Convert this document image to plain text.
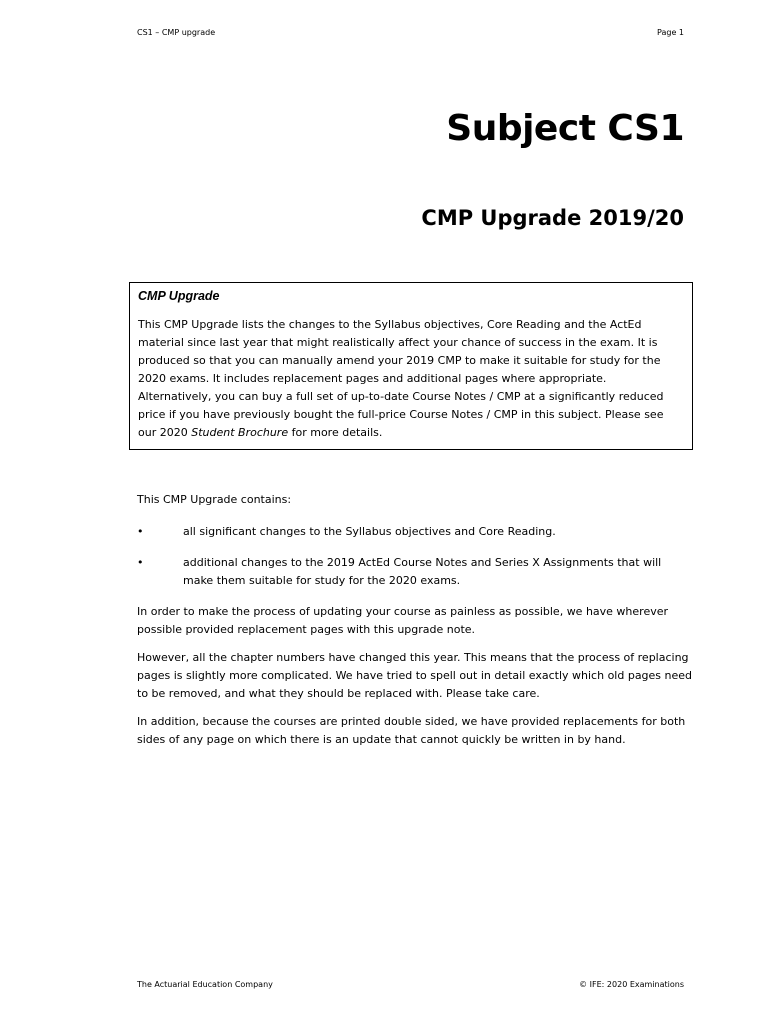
CS1 – CMP upgrade	Page 1
Subject CS1
CMP Upgrade 2019/20

CMP Upgrade

This CMP Upgrade lists the changes to the Syllabus objectives, Core Reading and the ActEd material since last year that might realistically affect your chance of success in the exam. It is produced so that you can manually amend your 2019 CMP to make it suitable for study for the 2020 exams. It includes replacement pages and additional pages where appropriate. Alternatively, you can buy a full set of up-to-date Course Notes / CMP at a significantly reduced price if you have previously bought the full-price Course Notes / CMP in this subject. Please see our 2020 Student Brochure for more details.

This CMP Upgrade contains:

•	all significant changes to the Syllabus objectives and Core Reading.
•	additional changes to the 2019 ActEd Course Notes and Series X Assignments that will make them suitable for study for the 2020 exams.

In order to make the process of updating your course as painless as possible, we have wherever possible provided replacement pages with this upgrade note.

However, all the chapter numbers have changed this year. This means that the process of replacing pages is slightly more complicated. We have tried to spell out in detail exactly which old pages need to be removed, and what they should be replaced with. Please take care.

In addition, because the courses are printed double sided, we have provided replacements for both sides of any page on which there is an update that cannot quickly be written in by hand.

The Actuarial Education Company	© IFE: 2020 Examinations
